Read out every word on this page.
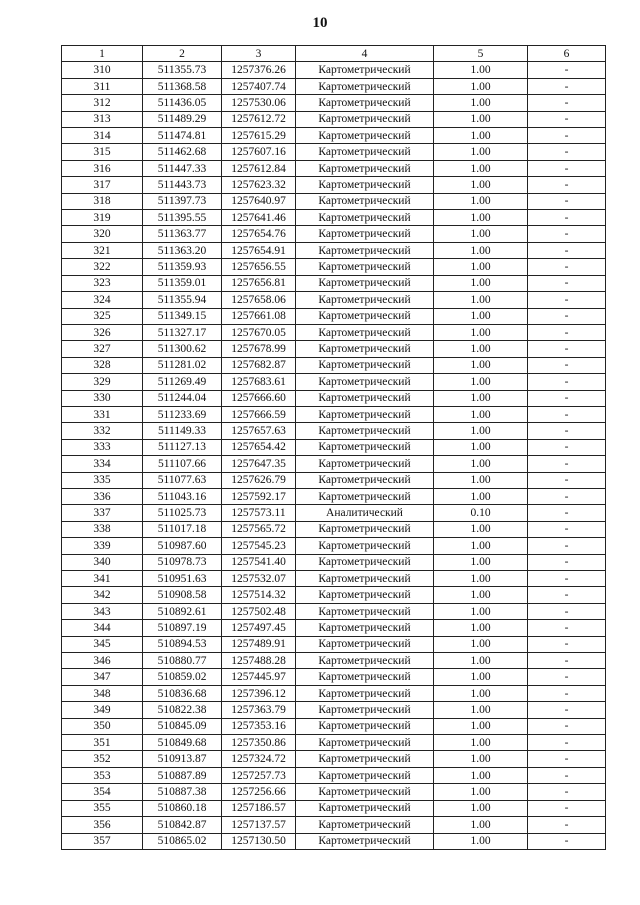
10
1	2	3	4	5	6
310	511355.73	1257376.26	Картометрический	1.00	-
311	511368.58	1257407.74	Картометрический	1.00	-
312	511436.05	1257530.06	Картометрический	1.00	-
313	511489.29	1257612.72	Картометрический	1.00	-
314	511474.81	1257615.29	Картометрический	1.00	-
315	511462.68	1257607.16	Картометрический	1.00	-
316	511447.33	1257612.84	Картометрический	1.00	-
317	511443.73	1257623.32	Картометрический	1.00	-
318	511397.73	1257640.97	Картометрический	1.00	-
319	511395.55	1257641.46	Картометрический	1.00	-
320	511363.77	1257654.76	Картометрический	1.00	-
321	511363.20	1257654.91	Картометрический	1.00	-
322	511359.93	1257656.55	Картометрический	1.00	-
323	511359.01	1257656.81	Картометрический	1.00	-
324	511355.94	1257658.06	Картометрический	1.00	-
325	511349.15	1257661.08	Картометрический	1.00	-
326	511327.17	1257670.05	Картометрический	1.00	-
327	511300.62	1257678.99	Картометрический	1.00	-
328	511281.02	1257682.87	Картометрический	1.00	-
329	511269.49	1257683.61	Картометрический	1.00	-
330	511244.04	1257666.60	Картометрический	1.00	-
331	511233.69	1257666.59	Картометрический	1.00	-
332	511149.33	1257657.63	Картометрический	1.00	-
333	511127.13	1257654.42	Картометрический	1.00	-
334	511107.66	1257647.35	Картометрический	1.00	-
335	511077.63	1257626.79	Картометрический	1.00	-
336	511043.16	1257592.17	Картометрический	1.00	-
337	511025.73	1257573.11	Аналитический	0.10	-
338	511017.18	1257565.72	Картометрический	1.00	-
339	510987.60	1257545.23	Картометрический	1.00	-
340	510978.73	1257541.40	Картометрический	1.00	-
341	510951.63	1257532.07	Картометрический	1.00	-
342	510908.58	1257514.32	Картометрический	1.00	-
343	510892.61	1257502.48	Картометрический	1.00	-
344	510897.19	1257497.45	Картометрический	1.00	-
345	510894.53	1257489.91	Картометрический	1.00	-
346	510880.77	1257488.28	Картометрический	1.00	-
347	510859.02	1257445.97	Картометрический	1.00	-
348	510836.68	1257396.12	Картометрический	1.00	-
349	510822.38	1257363.79	Картометрический	1.00	-
350	510845.09	1257353.16	Картометрический	1.00	-
351	510849.68	1257350.86	Картометрический	1.00	-
352	510913.87	1257324.72	Картометрический	1.00	-
353	510887.89	1257257.73	Картометрический	1.00	-
354	510887.38	1257256.66	Картометрический	1.00	-
355	510860.18	1257186.57	Картометрический	1.00	-
356	510842.87	1257137.57	Картометрический	1.00	-
357	510865.02	1257130.50	Картометрический	1.00	-
